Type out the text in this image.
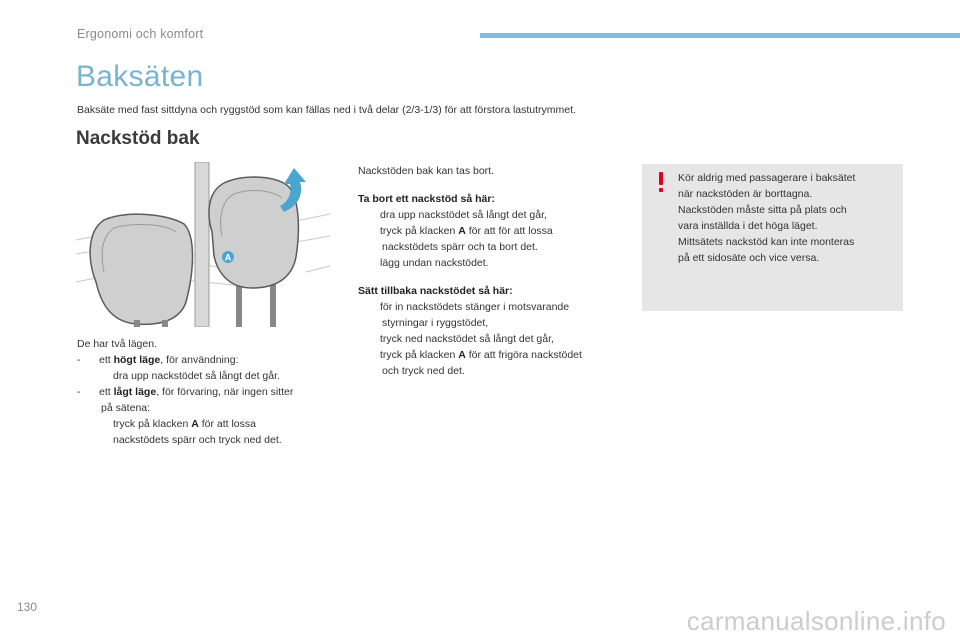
Ergonomi och komfort
Baksäten
Baksäte med fast sittdyna och ryggstöd som kan fällas ned i två delar (2/3-1/3) för att förstora lastutrymmet.
Nackstöd bak
A

De har två lägen.

- ett högt läge, för användning:
dra upp nackstödet så långt det går.
- ett lågt läge, för förvaring, när ingen sitter
på sätena:
tryck på klacken A för att lossa
nackstödets spärr och tryck ned det.

Nackstöden bak kan tas bort.

Ta bort ett nackstöd så här:

dra upp nackstödet så långt det går,
tryck på klacken A för att för att lossa
nackstödets spärr och ta bort det.
lägg undan nackstödet.

Sätt tillbaka nackstödet så här:

för in nackstödets stänger i motsvarande
styrningar i ryggstödet,
tryck ned nackstödet så långt det går,
tryck på klacken A för att frigöra nackstödet
och tryck ned det.
Kör aldrig med passagerare i baksätet
när nackstöden är borttagna.
Nackstöden måste sitta på plats och
vara inställda i det höga läget.
Mittsätets nackstöd kan inte monteras
på ett sidosäte och vice versa.
130	carmanualsonline.info
